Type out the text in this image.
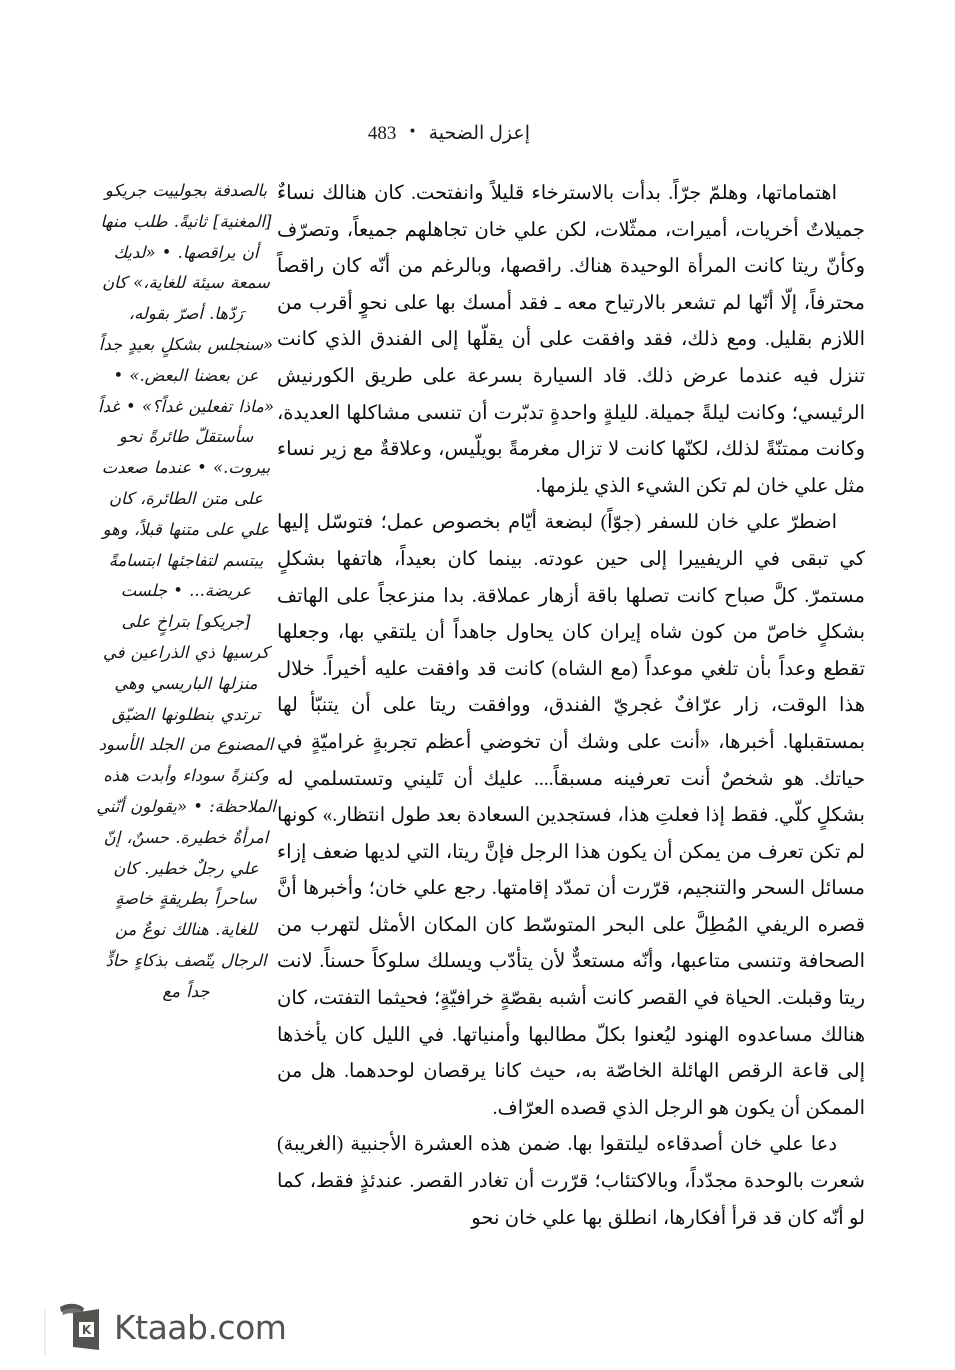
483 • إعزل الضحية

بالصدفة بجولييت جريكو [المغنية] ثانيةً. طلب منها أن يراقصها. • «لديك سمعة سيئة للغاية،» كان رَدّها. أصرّ بقوله، «سنجلس بشكلٍ بعيدٍ جداً عن بعضنا البعض.» • «ماذا تفعلين غداً؟» • غداً سأستقلّ طائرةً نحو بيروت.» • عندما صعدت على متن الطائرة، كان علي على متنها قبلاً، وهو يبتسم لتفاجئها ابتسامةً عريضة... • جلست [جريكو] بتراخٍ على كرسيها ذي الذراعين في منزلها الباريسي وهي ترتدي بنطلونها الضيّق المصنوع من الجلد الأسود وكنزةً سوداء وأبدت هذه الملاحظة: • «يقولون أنّني امرأةٌ خطيرة. حسنٌ، إنّ علي رجلٌ خطير. كان ساحراً بطريقةٍ خاصةٍ للغاية. هنالك نوعٌ من الرجال يتّصف بذكاءٍ حادٍّ جداً مع

اهتماماتها، وهلمّ جرّاً. بدأت بالاسترخاء قليلاً وانفتحت. كان هنالك نساءٌ جميلاتٌ أخريات، أميرات، ممثّلات، لكن علي خان تجاهلهم جميعاً، وتصرّف وكأنّ ريتا كانت المرأة الوحيدة هناك. راقصها، وبالرغم من أنّه كان راقصاً محترفاً، إلّا أنّها لم تشعر بالارتياح معه ـ فقد أمسك بها على نحوٍ أقرب من اللازم بقليل. ومع ذلك، فقد وافقت على أن يقلّها إلى الفندق الذي كانت تنزل فيه عندما عرض ذلك. قاد السيارة بسرعة على طريق الكورنيش الرئيسي؛ وكانت ليلةً جميلة. لليلةٍ واحدةٍ تدبّرت أن تنسى مشاكلها العديدة، وكانت ممتنّةً لذلك، لكنّها كانت لا تزال مغرمةً بويلّيس، وعلاقةٌ مع زير نساء مثل علي خان لم تكن الشيء الذي يلزمها.

اضطرّ علي خان للسفر (جوّاً) لبضعة أيّام بخصوص عمل؛ فتوسّل إليها كي تبقى في الريفييرا إلى حين عودته. بينما كان بعيداً، هاتفها بشكلٍ مستمرّ. كلَّ صباح كانت تصلها باقة أزهار عملاقة. بدا منزعجاً على الهاتف بشكلٍ خاصّ من كون شاه إيران كان يحاول جاهداً أن يلتقي بها، وجعلها تقطع وعداً بأن تلغي موعداً (مع الشاه) كانت قد وافقت عليه أخيراً. خلال هذا الوقت، زار عرّافٌ غجريّ الفندق، ووافقت ريتا على أن يتنبّأ لها بمستقبلها. أخبرها، «أنت على وشك أن تخوضي أعظم تجربةٍ غراميّةٍ في حياتك. هو شخصٌ أنت تعرفينه مسبقاً.... عليك أن تَليني وتستسلمي له بشكلٍ كلّي. فقط إذا فعلتِ هذا، فستجدين السعادة بعد طول انتظار.» كونها لم تكن تعرف من يمكن أن يكون هذا الرجل فإنَّ ريتا، التي لديها ضعف إزاء مسائل السحر والتنجيم، قرّرت أن تمدّد إقامتها. رجع علي خان؛ وأخبرها أنَّ قصره الريفي المُطِلَّ على البحر المتوسّط كان المكان الأمثل لتهرب من الصحافة وتنسى متاعبها، وأنّه مستعدٌّ لأن يتأدّب ويسلك سلوكاً حسناً. لانت ريتا وقبلت. الحياة في القصر كانت أشبه بقصّةٍ خرافيّةٍ؛ فحيثما التفتت، كان هنالك مساعدوه الهنود ليُعنوا بكلّ مطالبها وأمنياتها. في الليل كان يأخذها إلى قاعة الرقص الهائلة الخاصّة به، حيث كانا يرقصان لوحدهما. هل من الممكن أن يكون هو الرجل الذي قصده العرّاف.

دعا علي خان أصدقاءه ليلتقوا بها. ضمن هذه العشرة الأجنبية (الغريبة) شعرت بالوحدة مجدّداً، وبالاكتئاب؛ قرّرت أن تغادر القصر. عندئذٍ فقط، كما لو أنّه كان قد قرأ أفكارها، انطلق بها علي خان نحو

K Ktaab.com
